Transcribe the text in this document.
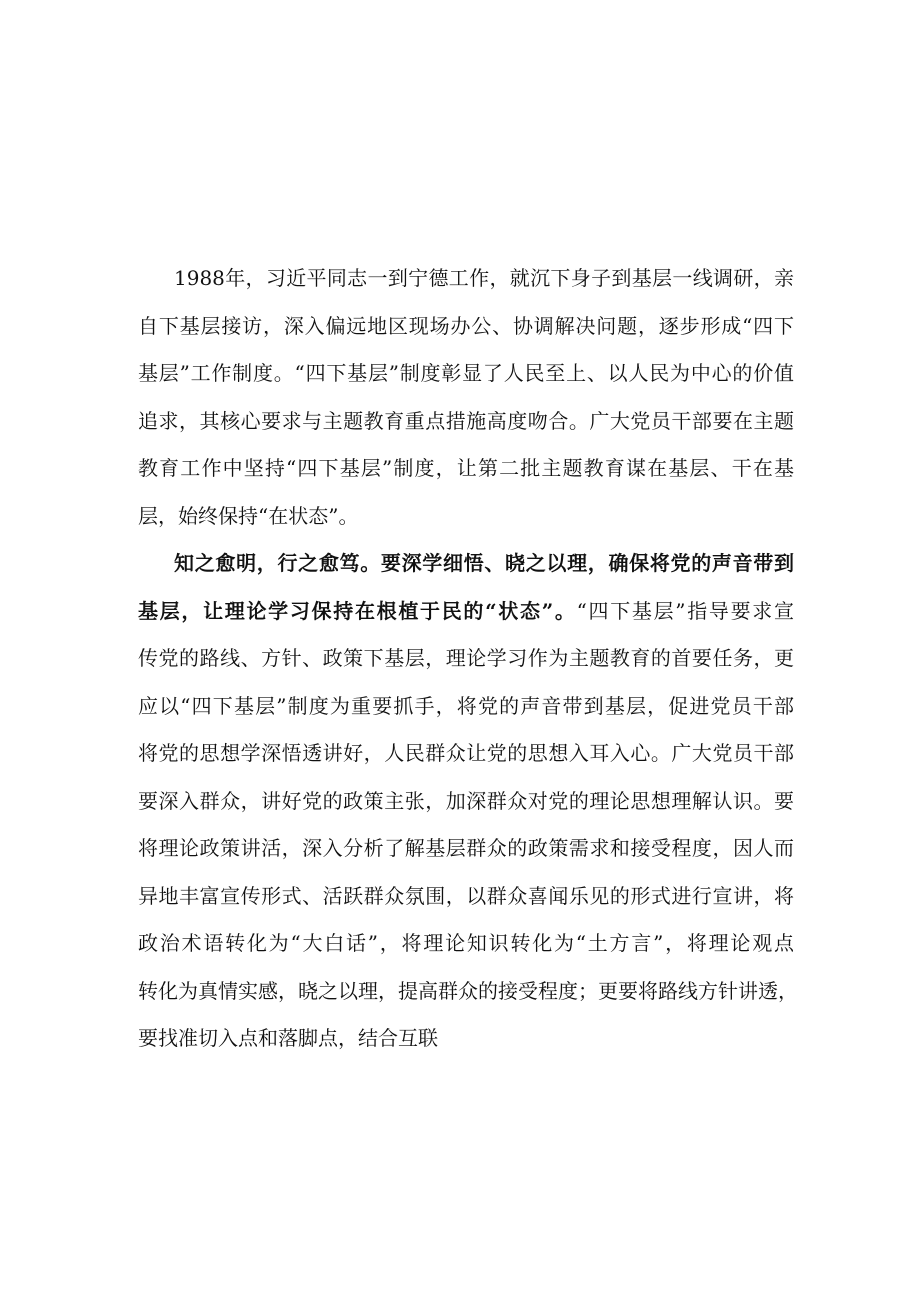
1988年，习近平同志一到宁德工作，就沉下身子到基层一线调研，亲
自下基层接访，深入偏远地区现场办公、协调解决问题，逐步形成“四下
基层”工作制度。“四下基层”制度彰显了人民至上、以人民为中心的价值
追求，其核心要求与主题教育重点措施高度吻合。广大党员干部要在主题
教育工作中坚持“四下基层”制度，让第二批主题教育谋在基层、干在基
层，始终保持“在状态”。
知之愈明，行之愈笃。要深学细悟、晓之以理，确保将党的声音带到
基层，让理论学习保持在根植于民的“状态”。“四下基层”指导要求宣
传党的路线、方针、政策下基层，理论学习作为主题教育的首要任务，更
应以“四下基层”制度为重要抓手，将党的声音带到基层，促进党员干部
将党的思想学深悟透讲好，人民群众让党的思想入耳入心。广大党员干部
要深入群众，讲好党的政策主张，加深群众对党的理论思想理解认识。要
将理论政策讲活，深入分析了解基层群众的政策需求和接受程度，因人而
异地丰富宣传形式、活跃群众氛围，以群众喜闻乐见的形式进行宣讲，将
政治术语转化为“大白话”，将理论知识转化为“土方言”，将理论观点
转化为真情实感，晓之以理，提高群众的接受程度；更要将路线方针讲透，
要找准切入点和落脚点，结合互联
